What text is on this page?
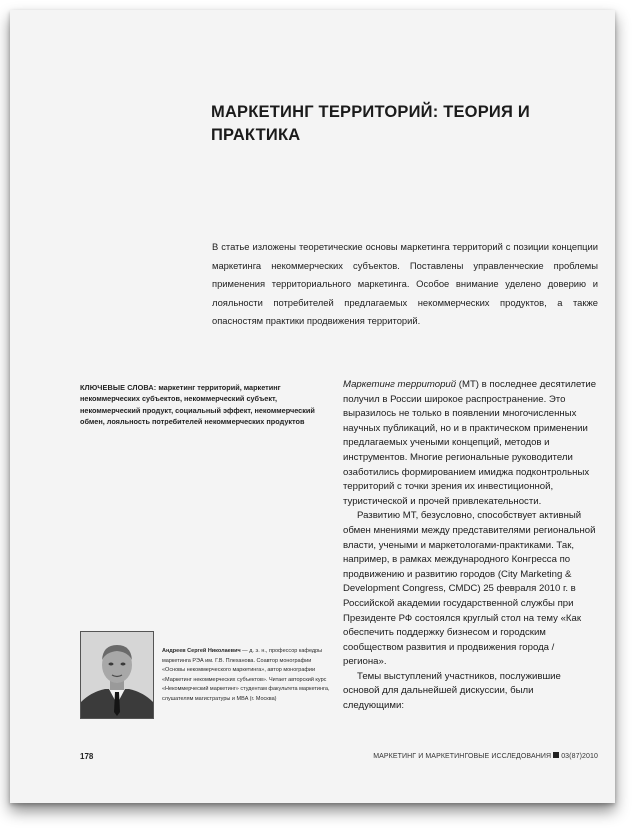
МАРКЕТИНГ ТЕРРИТОРИЙ: ТЕОРИЯ И ПРАКТИКА

В статье изложены теоретические основы маркетинга территорий с позиции концепции маркетинга некоммерческих субъектов. Поставлены управленческие проблемы применения территориального маркетинга. Особое внимание уделено доверию и лояльности потребителей предлагаемых некоммерческих продуктов, а также опасностям практики продвижения территорий.

КЛЮЧЕВЫЕ СЛОВА: маркетинг территорий, маркетинг некоммерческих субъектов, некоммерческий субъект, некоммерческий продукт, социальный эффект, некоммерческий обмен, лояльность потребителей некоммерческих продуктов

Маркетинг территорий (МТ) в последнее десятилетие получил в России широкое распространение. Это выразилось не только в появлении многочисленных научных публикаций, но и в практическом применении предлагаемых учеными концепций, методов и инструментов. Многие региональные руководители озаботились формированием имиджа подконтрольных территорий с точки зрения их инвестиционной, туристической и прочей привлекательности.

Развитию МТ, безусловно, способствует активный обмен мнениями между представителями региональной власти, учеными и маркетологами-практиками. Так, например, в рамках международного Конгресса по продвижению и развитию городов (City Marketing & Development Congress, CMDC) 25 февраля 2010 г. в Российской академии государственной службы при Президенте РФ состоялся круглый стол на тему «Как обеспечить поддержку бизнесом и городским сообществом развития и продвижения города / региона».

Темы выступлений участников, послужившие основой для дальнейшей дискуссии, были следующими:

Андреев Сергей Николаевич — д. э. н., профессор кафедры маркетинга РЭА им. Г.В. Плеханова. Соавтор монографии «Основы некоммерческого маркетинга», автор монографии «Маркетинг некоммерческих субъектов». Читает авторский курс «Некоммерческий маркетинг» студентам факультета маркетинга, слушателям магистратуры и MBA (г. Москва)

178	МАРКЕТИНГ И МАРКЕТИНГОВЫЕ ИССЛЕДОВАНИЯ 03(87)2010
